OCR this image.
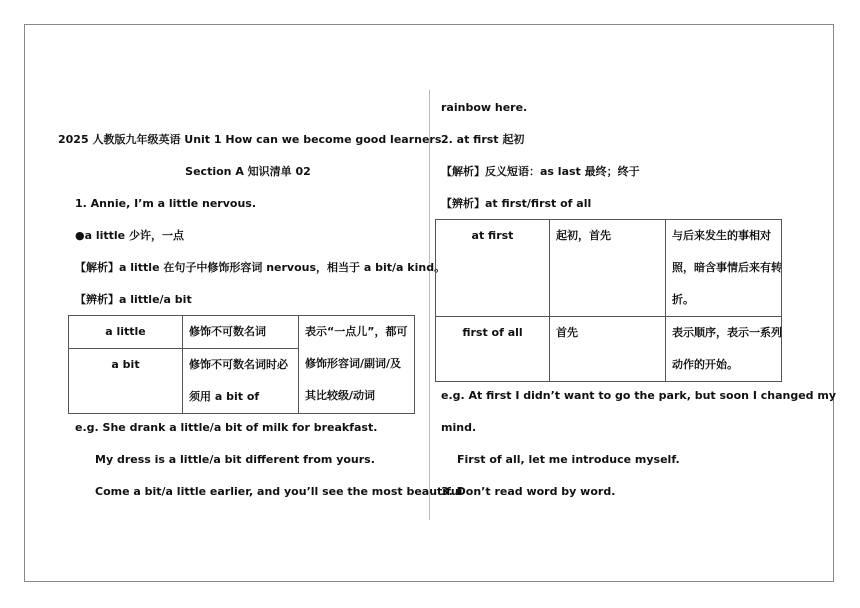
2025 人教版九年级英语 Unit 1 How can we become good learners
Section A 知识清单 02
1. Annie, I’m a little nervous.
●a little 少许，一点
【解析】a little 在句子中修饰形容词 nervous，相当于 a bit/a kind。
【辨析】a little/a bit
a little	修饰不可数名词	表示“一点儿”，都可
修饰形容词/副词/及
其比较级/动词

a bit	修饰不可数名词时必
须用 a bit of	
e.g. She drank a little/a bit of milk for breakfast.
My dress is a little/a bit different from yours.
Come a bit/a little earlier, and you’ll see the most beautiful
rainbow here.
2. at first 起初
【解析】反义短语：as last 最终；终于
【辨析】at first/first of all
at first	起初，首先	与后来发生的事相对
照，暗含事情后来有转
折。

first of all	首先	表示顺序，表示一系列
动作的开始。
e.g. At first I didn’t want to go the park, but soon I changed my
mind.
First of all, let me introduce myself.
3. Don’t read word by word.
